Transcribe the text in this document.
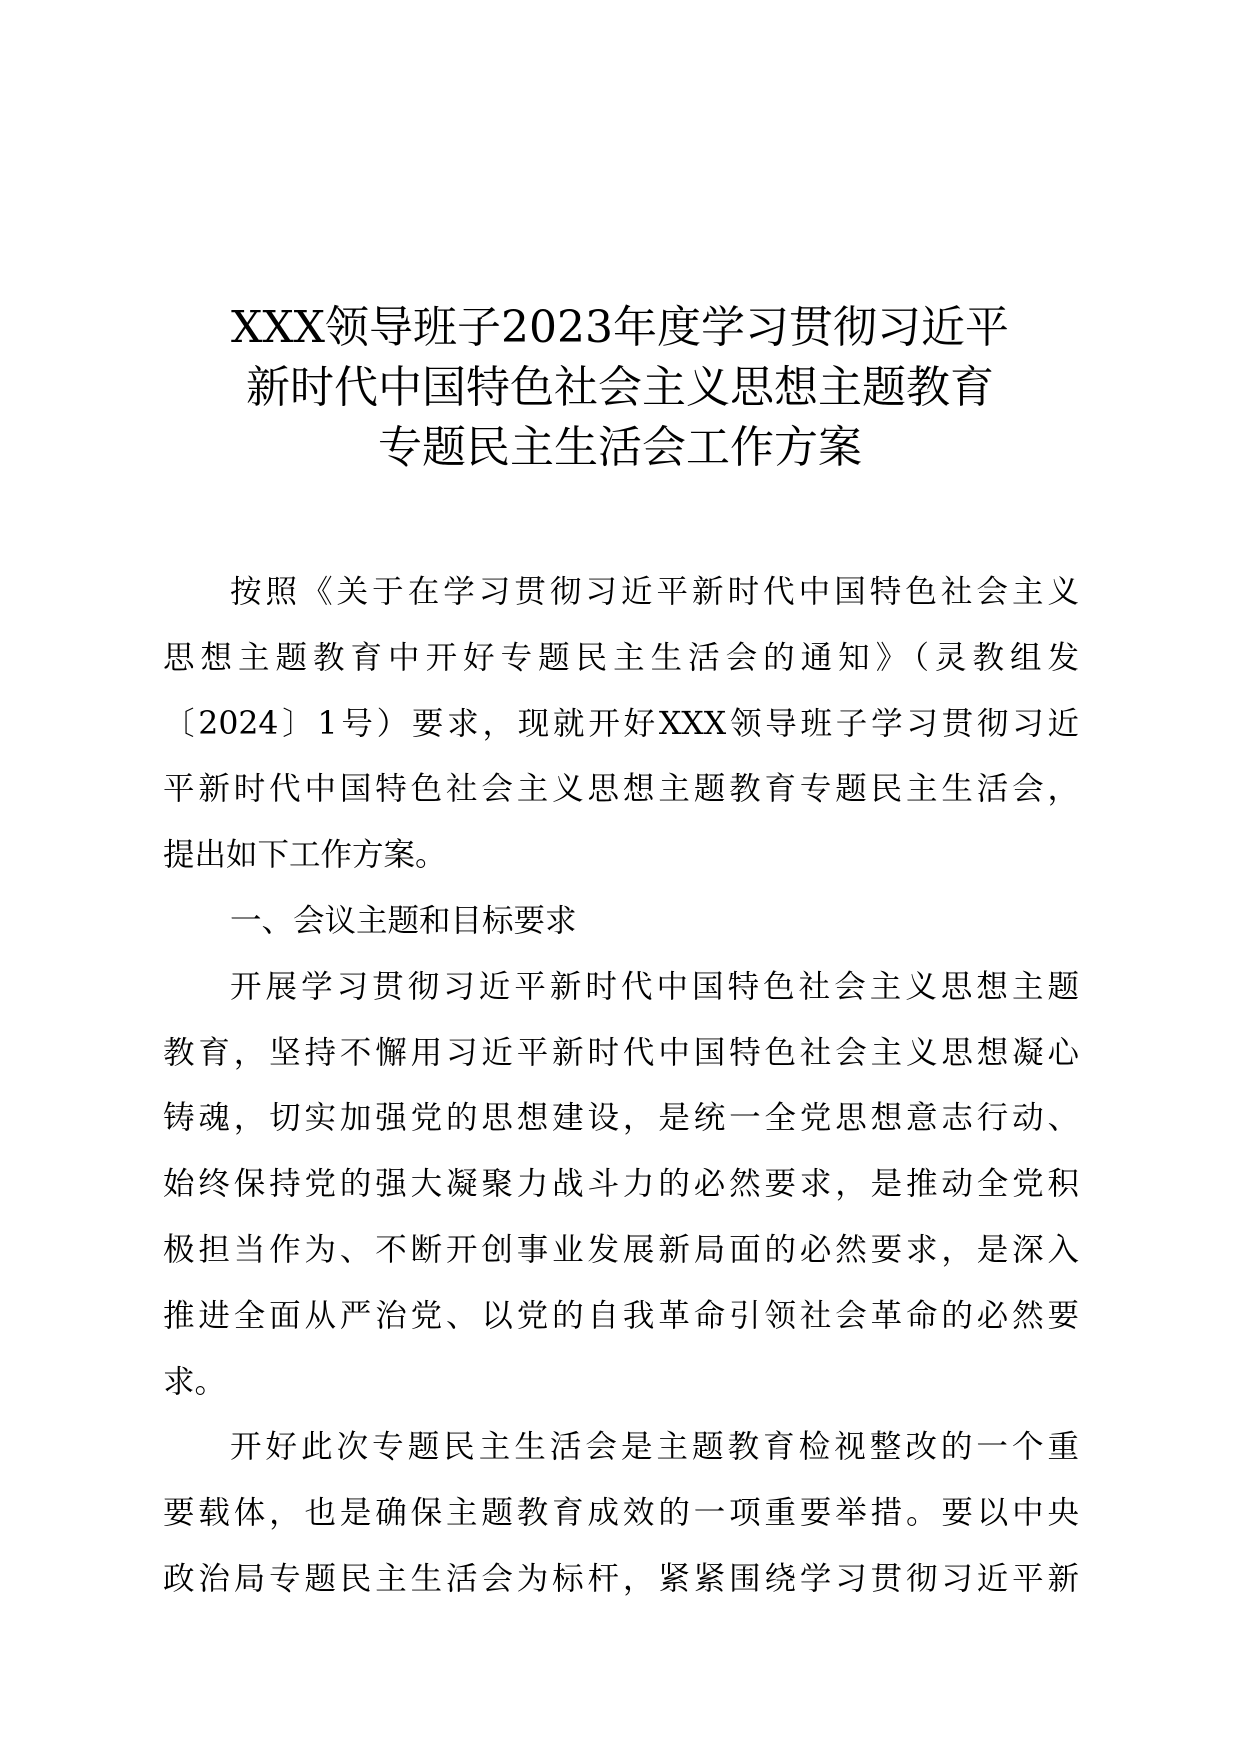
XXX领导班子2023年度学习贯彻习近平
新时代中国特色社会主义思想主题教育
专题民主生活会工作方案
按照《关于在学习贯彻习近平新时代中国特色社会主义
思想主题教育中开好专题民主生活会的通知》（灵教组发
〔2024〕1号）要求，现就开好XXX领导班子学习贯彻习近
平新时代中国特色社会主义思想主题教育专题民主生活会，
提出如下工作方案。
一、会议主题和目标要求
开展学习贯彻习近平新时代中国特色社会主义思想主题
教育，坚持不懈用习近平新时代中国特色社会主义思想凝心
铸魂，切实加强党的思想建设，是统一全党思想意志行动、
始终保持党的强大凝聚力战斗力的必然要求，是推动全党积
极担当作为、不断开创事业发展新局面的必然要求，是深入
推进全面从严治党、以党的自我革命引领社会革命的必然要
求。
开好此次专题民主生活会是主题教育检视整改的一个重
要载体，也是确保主题教育成效的一项重要举措。要以中央
政治局专题民主生活会为标杆，紧紧围绕学习贯彻习近平新
